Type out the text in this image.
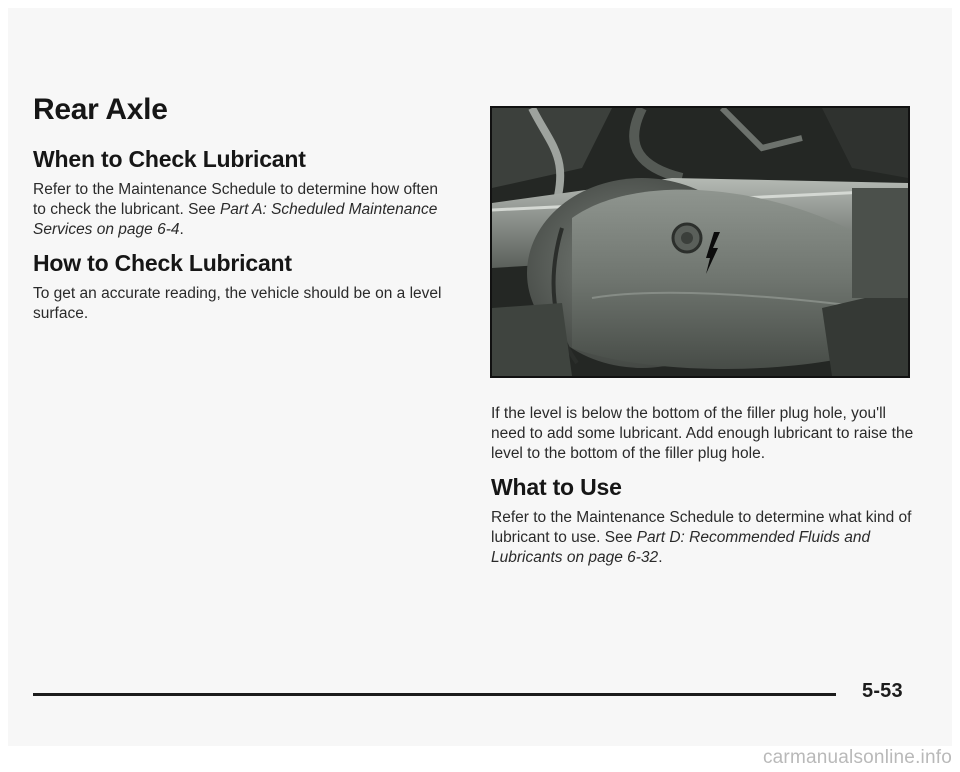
Rear Axle
When to Check Lubricant

Refer to the Maintenance Schedule to determine how often to check the lubricant. See Part A: Scheduled Maintenance Services on page 6-4.

How to Check Lubricant

To get an accurate reading, the vehicle should be on a level surface.

If the level is below the bottom of the filler plug hole, you'll need to add some lubricant. Add enough lubricant to raise the level to the bottom of the filler plug hole.

What to Use

Refer to the Maintenance Schedule to determine what kind of lubricant to use. See Part D: Recommended Fluids and Lubricants on page 6-32.

5-53
carmanualsonline.info
